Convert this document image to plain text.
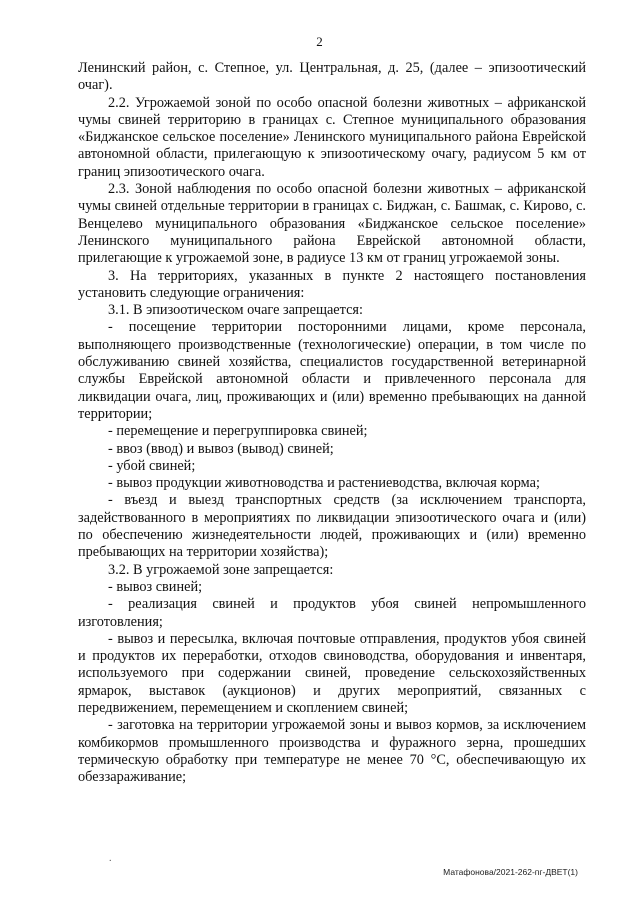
2

Ленинский район, с. Степное, ул. Центральная, д. 25, (далее – эпизоотический очаг).

2.2. Угрожаемой зоной по особо опасной болезни животных – африканской чумы свиней территорию в границах с. Степное муниципального образования «Биджанское сельское поселение» Ленинского муниципального района Еврейской автономной области, прилегающую к эпизоотическому очагу, радиусом 5 км от границ эпизоотического очага.

2.3. Зоной наблюдения по особо опасной болезни животных – африканской чумы свиней отдельные территории в границах с. Биджан, с. Башмак, с. Кирово, с. Венцелево муниципального образования «Биджанское сельское поселение» Ленинского муниципального района Еврейской автономной области, прилегающие к угрожаемой зоне, в радиусе 13 км от границ угрожаемой зоны.

3. На территориях, указанных в пункте 2 настоящего постановления установить следующие ограничения:

3.1. В эпизоотическом очаге запрещается:

- посещение территории посторонними лицами, кроме персонала, выполняющего производственные (технологические) операции, в том числе по обслуживанию свиней хозяйства, специалистов государственной ветеринарной службы Еврейской автономной области и привлеченного персонала для ликвидации очага, лиц, проживающих и (или) временно пребывающих на данной территории;

- перемещение и перегруппировка свиней;

- ввоз (ввод) и вывоз (вывод) свиней;

- убой свиней;

- вывоз продукции животноводства и растениеводства, включая корма;

- въезд и выезд транспортных средств (за исключением транспорта, задействованного в мероприятиях по ликвидации эпизоотического очага и (или) по обеспечению жизнедеятельности людей, проживающих и (или) временно пребывающих на территории хозяйства);

3.2. В угрожаемой зоне запрещается:

- вывоз свиней;

- реализация свиней и продуктов убоя свиней непромышленного изготовления;

- вывоз и пересылка, включая почтовые отправления, продуктов убоя свиней и продуктов их переработки, отходов свиноводства, оборудования и инвентаря, используемого при содержании свиней, проведение сельскохозяйственных ярмарок, выставок (аукционов) и других мероприятий, связанных с передвижением, перемещением и скоплением свиней;

- заготовка на территории угрожаемой зоны и вывоз кормов, за исключением комбикормов промышленного производства и фуражного зерна, прошедших термическую обработку при температуре не менее 70 °С, обеспечивающую их обеззараживание;

.
Матафонова/2021-262-пг-ДВЕТ(1)
